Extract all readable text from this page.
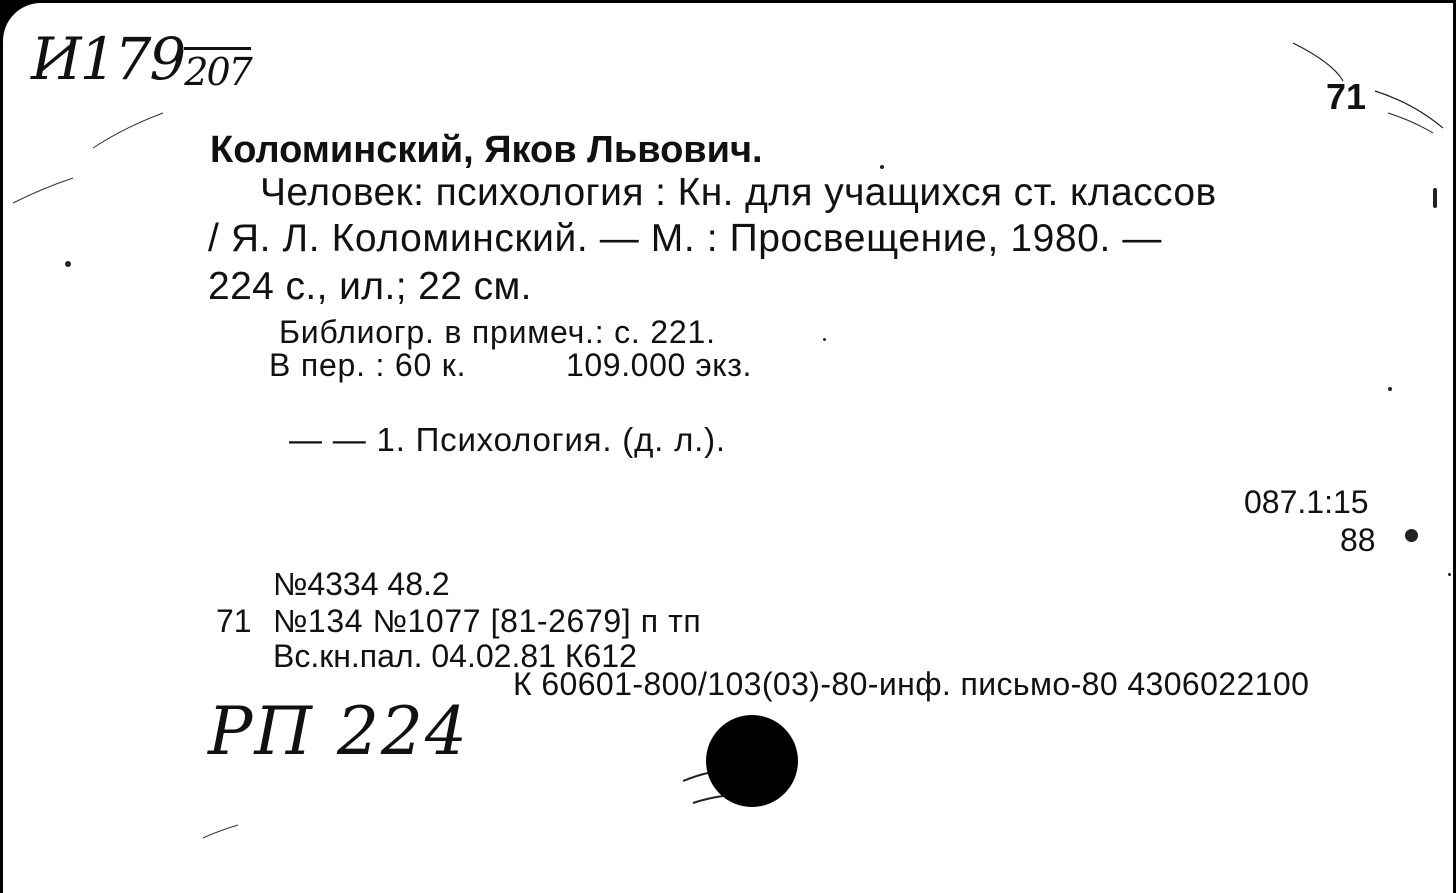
И179207
71
Коломинский, Яков Львович.
Человек: психология : Кн. для учащихся ст. классов
/ Я. Л. Коломинский. — М. : Просвещение, 1980. —
224 с., ил.; 22 см.
Библиогр. в примеч.: с. 221.
В пер. : 60 к.	109.000 экз.
— — 1. Психология. (д. л.).
087.1:15
88
№4334 48.2
71 №134 №1077 [81-2679] п тп
Вс.кн.пал. 04.02.81 К612
К 60601-800/103(03)-80-инф. письмо-80 4306022100
РП 224
